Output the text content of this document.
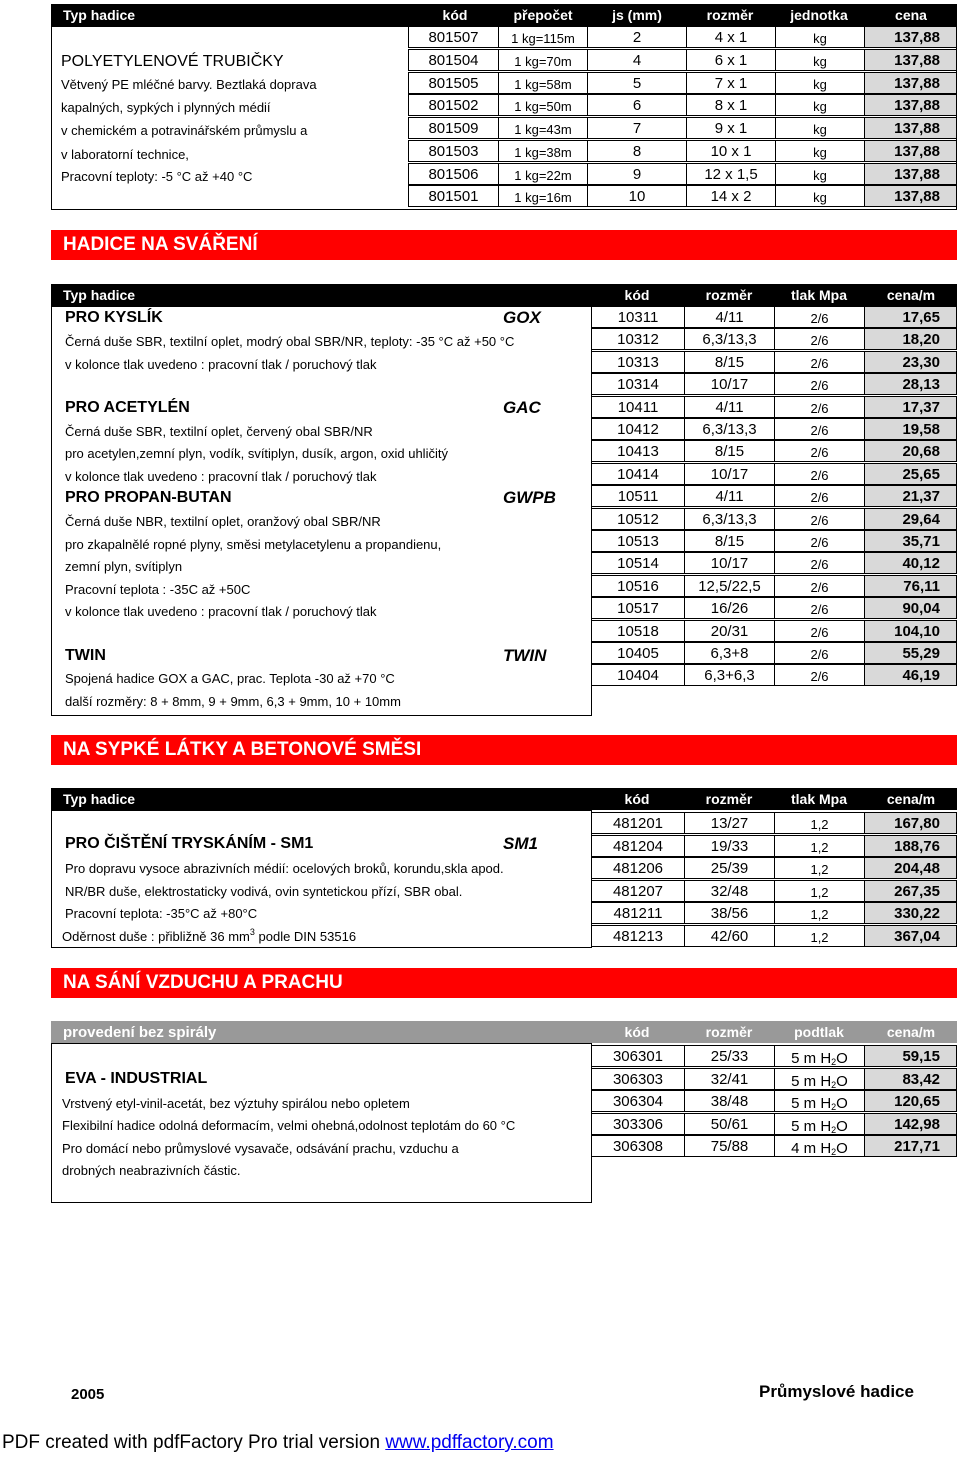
Typ hadice	kód	přepočet	js (mm)	rozměr	jednotka	cena
POLYETYLENOVÉ TRUBIČKY
Větvený PE mléčné barvy. Beztlaká doprava
kapalných, sypkých i plynných médií
v chemickém a potravinářském průmyslu a
v laboratorní technice,
Pracovní teploty: -5 °C až +40 °C
801507	1 kg=115m	2	4 x 1	kg	137,88
801504	1 kg=70m	4	6 x 1	kg	137,88
801505	1 kg=58m	5	7 x 1	kg	137,88
801502	1 kg=50m	6	8 x 1	kg	137,88
801509	1 kg=43m	7	9 x 1	kg	137,88
801503	1 kg=38m	8	10 x 1	kg	137,88
801506	1 kg=22m	9	12 x 1,5	kg	137,88
801501	1 kg=16m	10	14 x 2	kg	137,88
HADICE NA SVÁŘENÍ
Typ hadice	kód	rozměr	tlak Mpa	cena/m
PRO KYSLÍK	GOX
Černá duše SBR, textilní oplet, modrý obal SBR/NR, teploty: -35 °C až +50 °C
v kolonce tlak uvedeno : pracovní tlak / poruchový tlak
PRO ACETYLÉN	GAC
Černá duše SBR, textilní oplet, červený obal SBR/NR
pro acetylen,zemní plyn, vodík, svítiplyn, dusík, argon, oxid uhličitý
v kolonce tlak uvedeno : pracovní tlak / poruchový tlak
PRO PROPAN-BUTAN	GWPB
Černá duše NBR, textilní oplet, oranžový obal SBR/NR
pro zkapalnělé ropné plyny, směsi metylacetylenu a propandienu,
zemní plyn, svítiplyn
Pracovní teplota : -35C až +50C
v kolonce tlak uvedeno : pracovní tlak / poruchový tlak
TWIN	TWIN
Spojená hadice GOX a GAC, prac. Teplota -30 až +70 °C
další rozměry: 8 + 8mm, 9 + 9mm, 6,3 + 9mm, 10 + 10mm
10311	4/11	2/6	17,65
10312	6,3/13,3	2/6	18,20
10313	8/15	2/6	23,30
10314	10/17	2/6	28,13
10411	4/11	2/6	17,37
10412	6,3/13,3	2/6	19,58
10413	8/15	2/6	20,68
10414	10/17	2/6	25,65
10511	4/11	2/6	21,37
10512	6,3/13,3	2/6	29,64
10513	8/15	2/6	35,71
10514	10/17	2/6	40,12
10516	12,5/22,5	2/6	76,11
10517	16/26	2/6	90,04
10518	20/31	2/6	104,10
10405	6,3+8	2/6	55,29
10404	6,3+6,3	2/6	46,19
NA SYPKÉ LÁTKY A BETONOVÉ SMĚSI
Typ hadice	kód	rozměr	tlak Mpa	cena/m
PRO ČIŠTĚNÍ TRYSKÁNÍM - SM1	SM1
Pro dopravu vysoce abrazivních médií: ocelových broků, korundu,skla apod.
NR/BR duše, elektrostaticky vodivá, ovin syntetickou přízí, SBR obal.
Pracovní teplota: -35°C až +80°C
Oděrnost duše : přibližně 36 $mm^3$ podle DIN 53516
481201	13/27	1,2	167,80
481204	19/33	1,2	188,76
481206	25/39	1,2	204,48
481207	32/48	1,2	267,35
481211	38/56	1,2	330,22
481213	42/60	1,2	367,04
NA SÁNÍ VZDUCHU A PRACHU
provedení bez spirály	kód	rozměr	podtlak	cena/m
EVA - INDUSTRIAL
Vrstvený etyl-vinil-acetát, bez výztuhy spirálou nebo opletem
Flexibilní hadice odolná deformacím, velmi ohebná,odolnost teplotám do 60 °C
Pro domácí nebo průmyslové vysavače, odsávání prachu, vzduchu a
drobných neabrazivních částic.
306301	25/33	5 m $H_2O$	59,15
306303	32/41	5 m $H_2O$	83,42
306304	38/48	5 m $H_2O$	120,65
303306	50/61	5 m $H_2O$	142,98
306308	75/88	4 m $H_2O$	217,71
2005	Průmyslové hadice
PDF created with pdfFactory Pro trial version www.pdffactory.com
